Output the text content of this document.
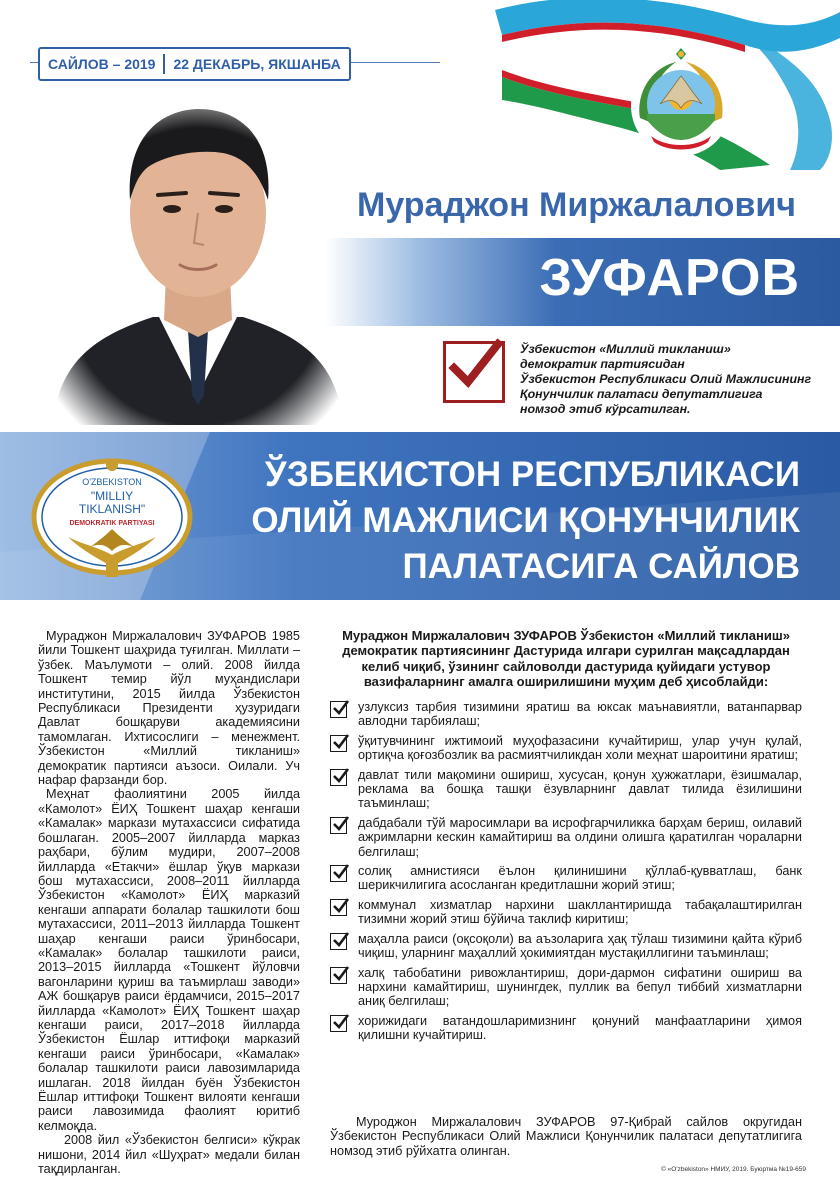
САЙЛОВ – 2019	22 ДЕКАБРЬ, ЯКШАНБА
Мураджон Миржалалович
ЗУФАРОВ
Ўзбекистон «Миллий тикланиш»
демократик партиясидан
Ўзбекистон Республикаси Олий Мажлисининг
Қонунчилик палатаси депутатлигига
номзод этиб кўрсатилган.
ЎЗБЕКИСТОН РЕСПУБЛИКАСИ
ОЛИЙ МАЖЛИСИ ҚОНУНЧИЛИК
ПАЛАТАСИГА САЙЛОВ
O'ZBEKISTON
"MILLIY
TIKLANISH"
DEMOKRATIK PARTIYASI

Мураджон Миржалалович ЗУФАРОВ 1985 йили Тошкент шаҳрида туғилган. Миллати – ўзбек. Маълумоти – олий. 2008 йилда Тошкент темир йўл муҳандислари институтини, 2015 йилда Ўзбекистон Республикаси Президенти ҳузуридаги Давлат бошқаруви академиясини тамомлаган. Ихтисослиги – менежмент. Ўзбекистон «Миллий тикланиш» демократик партияси аъзоси. Оилали. Уч нафар фарзанди бор.

Меҳнат фаолиятини 2005 йилда «Камолот» ЁИҲ Тошкент шаҳар кенгаши «Камалак» маркази мутахассиси сифатида бошлаган. 2005–2007 йилларда марказ раҳбари, бўлим мудири, 2007–2008 йилларда «Етакчи» ёшлар ўқув маркази бош мутахассиси, 2008–2011 йилларда Ўзбекистон «Камолот» ЁИҲ марказий кенгаши аппарати болалар ташкилоти бош мутахассиси, 2011–2013 йилларда Тошкент шаҳар кенгаши раиси ўринбосари, «Камалак» болалар ташкилоти раиси, 2013–2015 йилларда «Тошкент йўловчи вагонларини қуриш ва таъмирлаш заводи» АЖ бошқарув раиси ёрдамчиси, 2015–2017 йилларда «Камолот» ЁИҲ Тошкент шаҳар кенгаши раиси, 2017–2018 йилларда Ўзбекистон Ёшлар иттифоқи марказий кенгаши раиси ўринбосари, «Камалак» болалар ташкилоти раиси лавозимларида ишлаган. 2018 йилдан буён Ўзбекистон Ёшлар иттифоқи Тошкент вилояти кенгаши раиси лавозимида фаолият юритиб келмоқда.

2008 йил «Ўзбекистон белгиси» кўкрак нишони, 2014 йил «Шуҳрат» медали билан тақдирланган.

Мураджон Миржалалович ЗУФАРОВ Ўзбекистон «Миллий тикланиш» демократик партиясининг Дастурида илгари сурилган мақсадлардан келиб чиқиб, ўзининг сайловолди дастурида қуйидаги устувор вазифаларнинг амалга оширилишини муҳим деб ҳисоблайди:
узлуксиз тарбия тизимини яратиш ва юксак маънавиятли, ватанпарвар авлодни тарбиялаш;
ўқитувчининг ижтимоий муҳофазасини кучайтириш, улар учун қулай, ортиқча қоғозбозлик ва расмиятчиликдан холи меҳнат шароитини яратиш;
давлат тили мақомини ошириш, хусусан, қонун ҳужжатлари, ёзишмалар, реклама ва бошқа ташқи ёзувларнинг давлат тилида ёзилишини таъминлаш;
дабдабали тўй маросимлари ва исрофгарчиликка барҳам бериш, оилавий ажримларни кескин камайтириш ва олдини олишга қаратилган чораларни белгилаш;
солиқ амнистияси ёълон қилинишини қўллаб-қувватлаш, банк шерикчилигига асосланган кредитлашни жорий этиш;
коммунал хизматлар нархини шакллантиришда табақалаштирилган тизимни жорий этиш бўйича таклиф киритиш;
маҳалла раиси (оқсоқоли) ва аъзоларига ҳақ тўлаш тизимини қайта кўриб чиқиш, уларнинг маҳаллий ҳокимиятдан мустақиллигини таъминлаш;
халқ табобатини ривожлантириш, дори-дармон сифатини ошириш ва нархини камайтириш, шунингдек, пуллик ва бепул тиббий хизматларни аниқ белгилаш;
хорижидаги ватандошларимизнинг қонуний манфаатларини ҳимоя қилишни кучайтириш.
Муроджон Миржалалович ЗУФАРОВ 97-Қибрай сайлов округидан Ўзбекистон Республикаси Олий Мажлиси Қонунчилик палатаси депутатлигига номзод этиб рўйхатга олинган.
© «O'zbekiston» НМИУ, 2019. Буюртма №19-659
